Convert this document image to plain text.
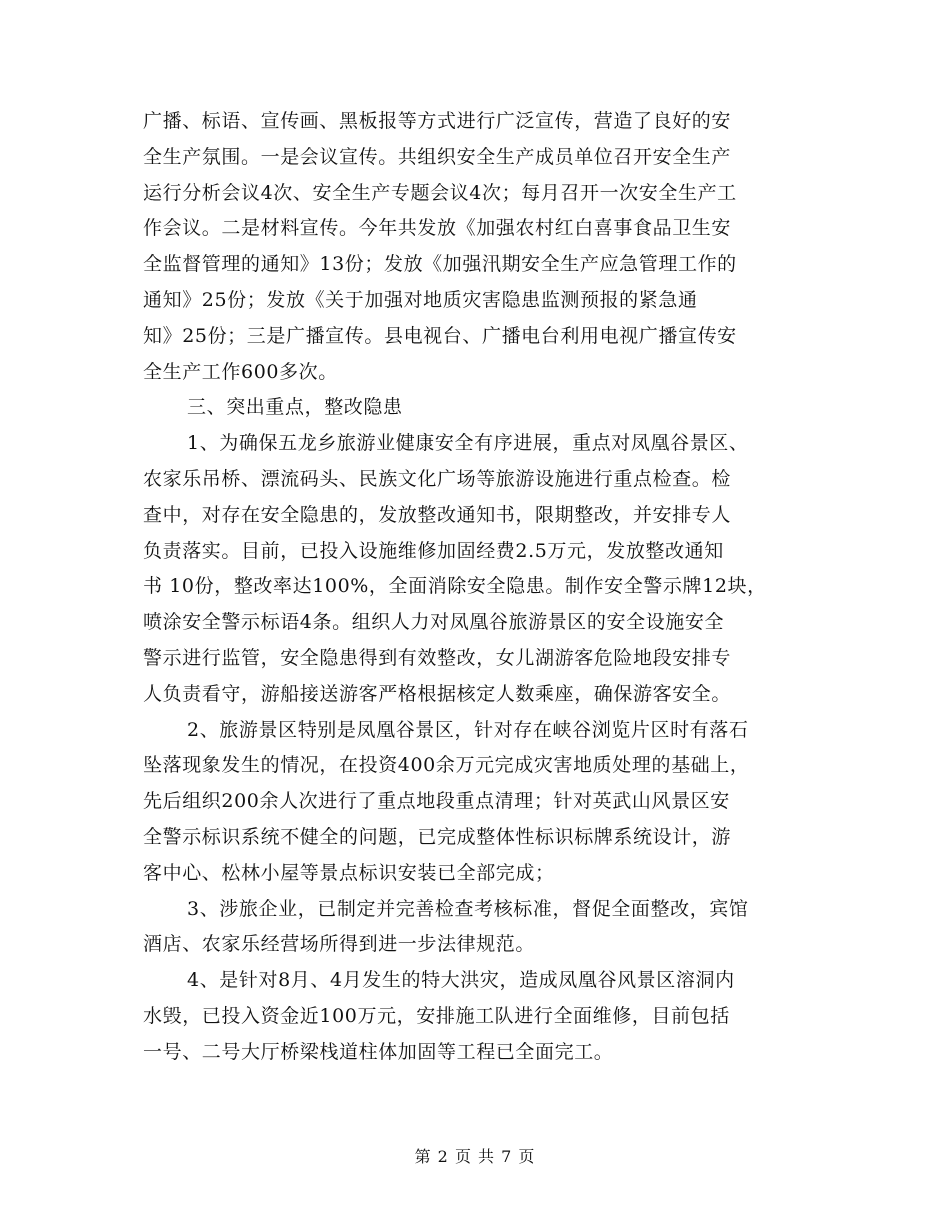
广播、标语、宣传画、黑板报等方式进行广泛宣传，营造了良好的安
全生产氛围。一是会议宣传。共组织安全生产成员单位召开安全生产
运行分析会议4次、安全生产专题会议4次；每月召开一次安全生产工
作会议。二是材料宣传。今年共发放《加强农村红白喜事食品卫生安
全监督管理的通知》13份；发放《加强汛期安全生产应急管理工作的
通知》25份；发放《关于加强对地质灾害隐患监测预报的紧急通
知》25份；三是广播宣传。县电视台、广播电台利用电视广播宣传安
全生产工作600多次。
三、突出重点，整改隐患
1、为确保五龙乡旅游业健康安全有序进展，重点对凤凰谷景区、
农家乐吊桥、漂流码头、民族文化广场等旅游设施进行重点检查。检
查中，对存在安全隐患的，发放整改通知书，限期整改，并安排专人
负责落实。目前，已投入设施维修加固经费2.5万元，发放整改通知
书 10份，整改率达100%，全面消除安全隐患。制作安全警示牌12块，
喷涂安全警示标语4条。组织人力对凤凰谷旅游景区的安全设施安全
警示进行监管，安全隐患得到有效整改，女儿湖游客危险地段安排专
人负责看守，游船接送游客严格根据核定人数乘座，确保游客安全。
2、旅游景区特别是凤凰谷景区，针对存在峡谷浏览片区时有落石
坠落现象发生的情况，在投资400余万元完成灾害地质处理的基础上，
先后组织200余人次进行了重点地段重点清理；针对英武山风景区安
全警示标识系统不健全的问题，已完成整体性标识标牌系统设计，游
客中心、松林小屋等景点标识安装已全部完成；
3、涉旅企业，已制定并完善检查考核标准，督促全面整改，宾馆
酒店、农家乐经营场所得到进一步法律规范。
4、是针对8月、4月发生的特大洪灾，造成凤凰谷风景区溶洞内
水毁，已投入资金近100万元，安排施工队进行全面维修，目前包括
一号、二号大厅桥梁栈道柱体加固等工程已全面完工。
第 2 页 共 7 页
